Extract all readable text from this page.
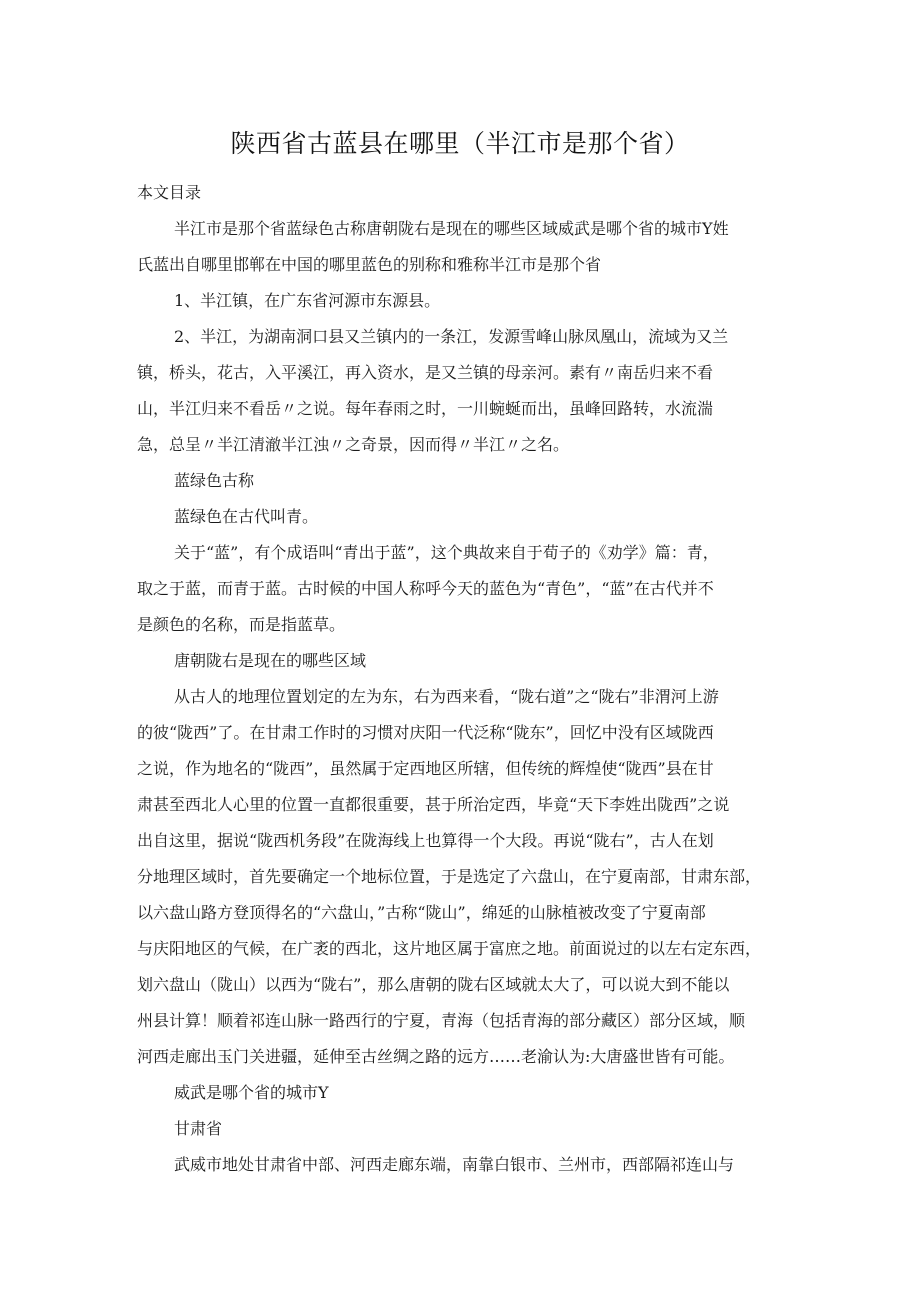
陕西省古蓝县在哪里（半江市是那个省）
本文目录
半江市是那个省蓝绿色古称唐朝陇右是现在的哪些区域威武是哪个省的城市Y姓
氏蓝出自哪里邯郸在中国的哪里蓝色的别称和雅称半江市是那个省
1、半江镇，在广东省河源市东源县。
2、半江，为湖南洞口县又兰镇内的一条江，发源雪峰山脉凤凰山，流域为又兰
镇，桥头，花古，入平溪江，再入资水，是又兰镇的母亲河。素有〃南岳归来不看
山，半江归来不看岳〃之说。每年春雨之时，一川蜿蜒而出，虽峰回路转，水流湍
急，总呈〃半江清澈半江浊〃之奇景，因而得〃半江〃之名。
蓝绿色古称
蓝绿色在古代叫青。
关于“蓝”，有个成语叫“青出于蓝”，这个典故来自于荀子的《劝学》篇：青，
取之于蓝，而青于蓝。古时候的中国人称呼今天的蓝色为“青色”，“蓝”在古代并不
是颜色的名称，而是指蓝草。
唐朝陇右是现在的哪些区域
从古人的地理位置划定的左为东，右为西来看，“陇右道”之“陇右”非渭河上游
的彼“陇西”了。在甘肃工作时的习惯对庆阳一代泛称“陇东”，回忆中没有区域陇西
之说，作为地名的“陇西”，虽然属于定西地区所辖，但传统的辉煌使“陇西”县在甘
肃甚至西北人心里的位置一直都很重要，甚于所治定西，毕竟“天下李姓出陇西”之说
出自这里，据说“陇西机务段”在陇海线上也算得一个大段。再说“陇右”，古人在划
分地理区域时，首先要确定一个地标位置，于是选定了六盘山，在宁夏南部，甘肃东部，
以六盘山路方登顶得名的“六盘山，”古称“陇山”，绵延的山脉植被改变了宁夏南部
与庆阳地区的气候，在广袤的西北，这片地区属于富庶之地。前面说过的以左右定东西，
划六盘山（陇山）以西为“陇右”，那么唐朝的陇右区域就太大了，可以说大到不能以
州县计算！顺着祁连山脉一路西行的宁夏，青海（包括青海的部分藏区）部分区域，顺
河西走廊出玉门关进疆，延伸至古丝绸之路的远方……老渝认为:大唐盛世皆有可能。
威武是哪个省的城市Y
甘肃省
武威市地处甘肃省中部、河西走廊东端，南靠白银市、兰州市，西部隔祁连山与
